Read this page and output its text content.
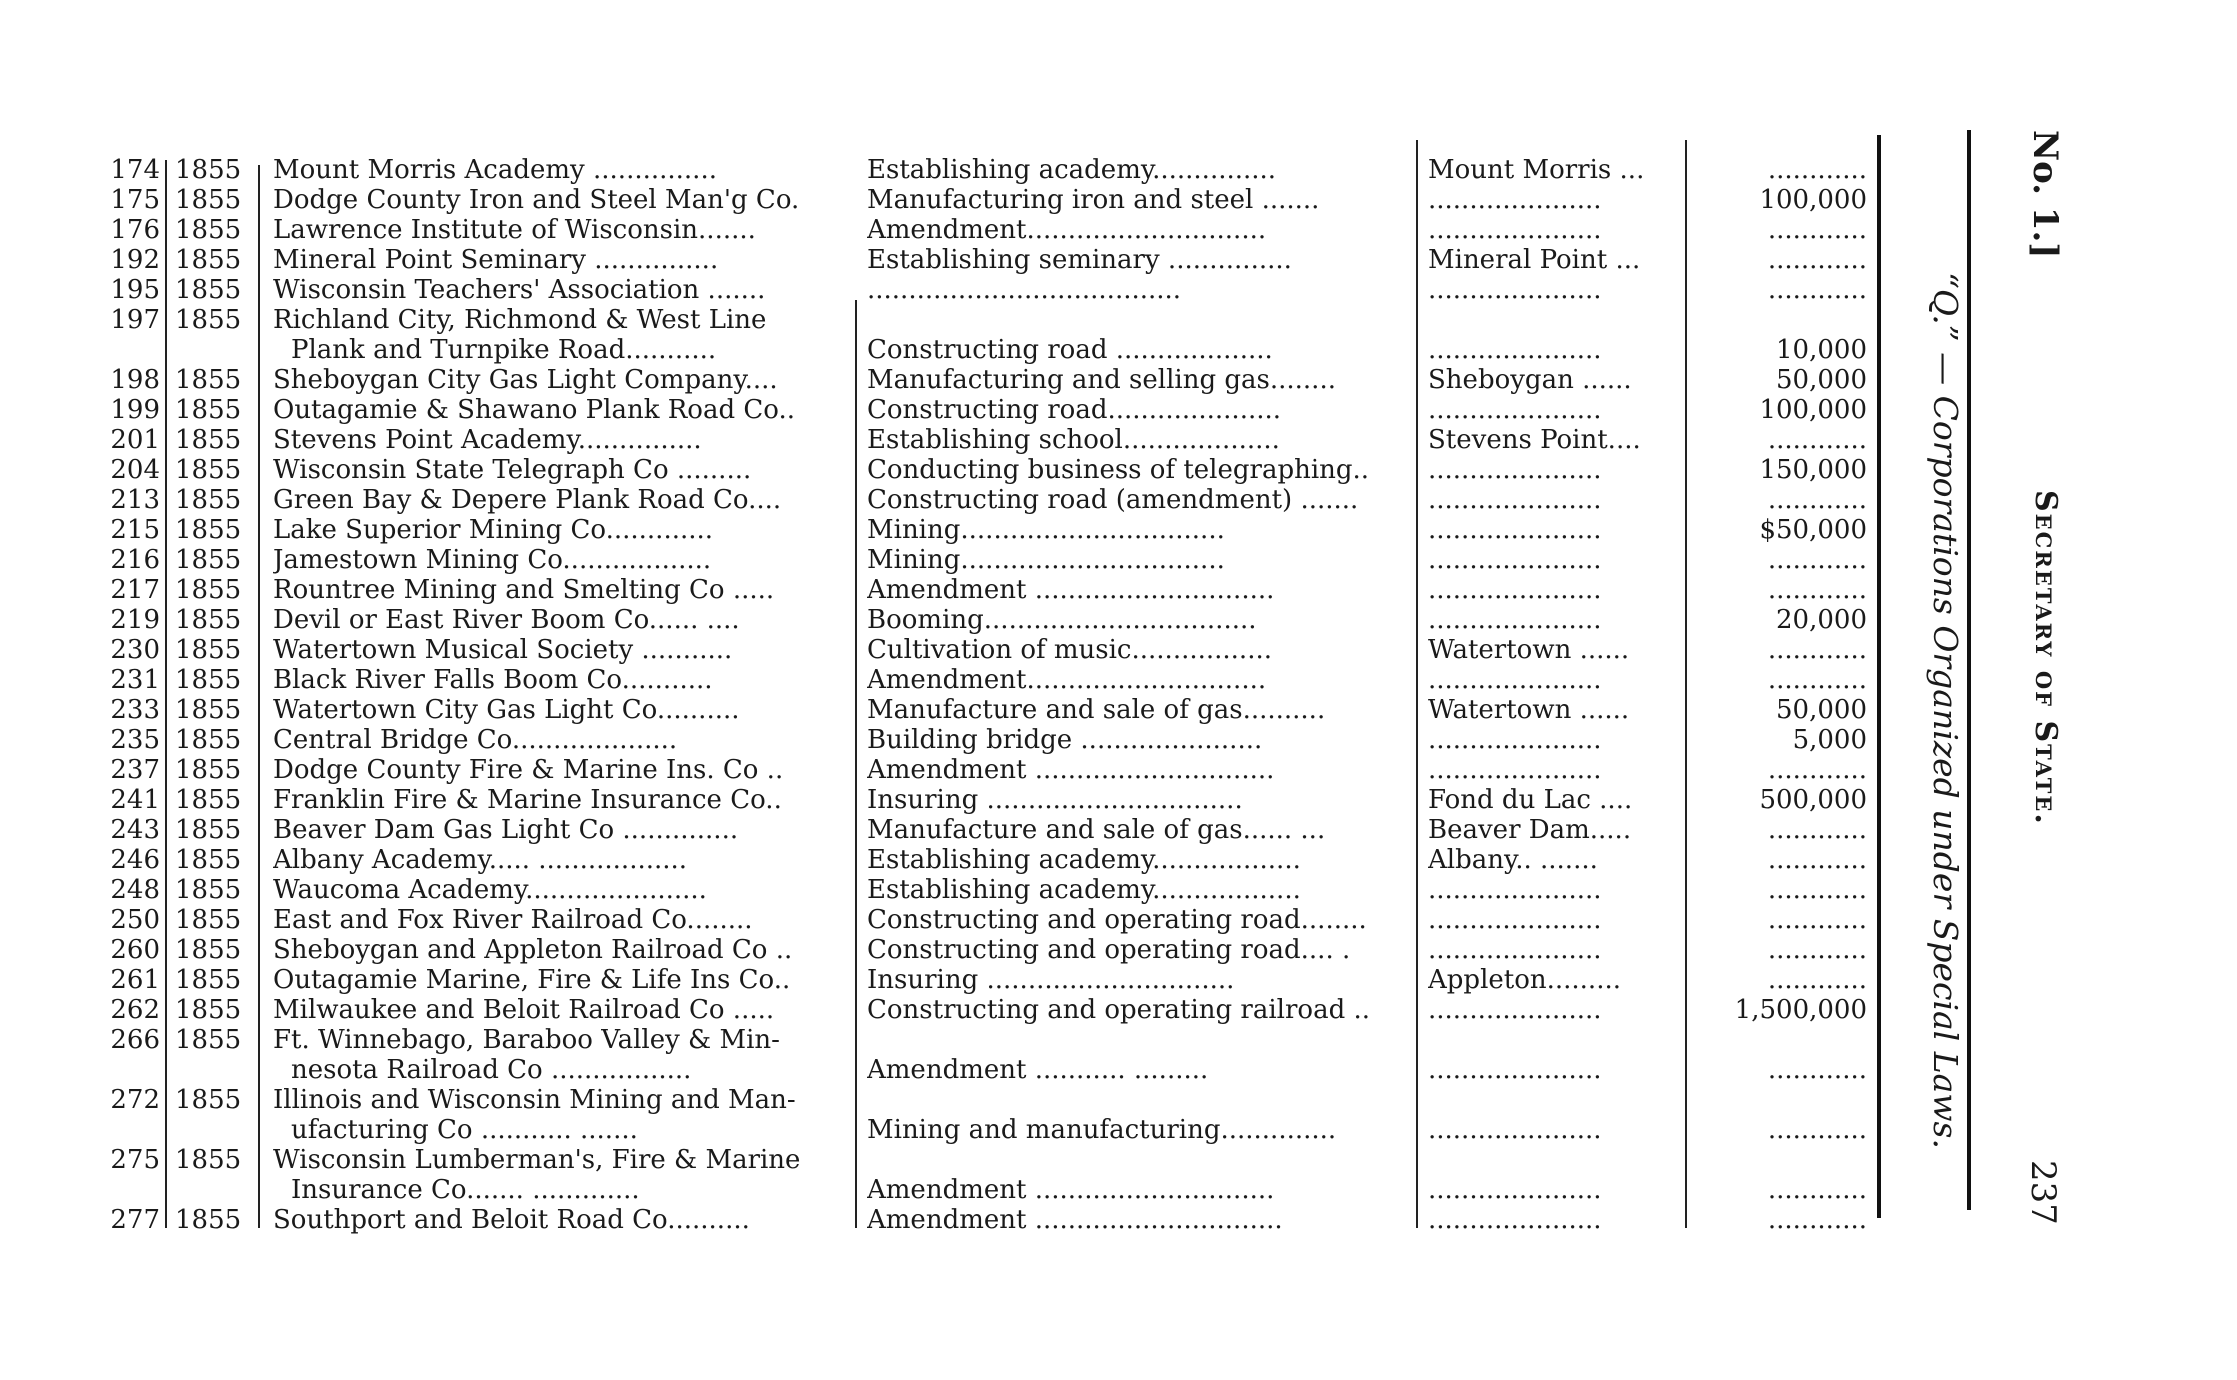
174 1855	Mount Morris Academy ...............	Establishing academy...............	Mount Morris ...	............
175 1855	Dodge County Iron and Steel Man'g Co.	Manufacturing iron and steel .......	.....................	100,000
176 1855	Lawrence Institute of Wisconsin.......	Amendment.............................	.....................	............
192 1855	Mineral Point Seminary ...............	Establishing seminary ...............	Mineral Point ...	............
195 1855	Wisconsin Teachers' Association .......	......................................	.....................	............
197 1855	Richland City, Richmond & West Line
Plank and Turnpike Road...........	Constructing road ...................	.....................	10,000
198 1855	Sheboygan City Gas Light Company....	Manufacturing and selling gas........	Sheboygan ......	50,000
199 1855	Outagamie & Shawano Plank Road Co..	Constructing road.....................	.....................	100,000
201 1855	Stevens Point Academy...............	Establishing school...................	Stevens Point....	............
204 1855	Wisconsin State Telegraph Co .........	Conducting business of telegraphing..	.....................	150,000
213 1855	Green Bay & Depere Plank Road Co....	Constructing road (amendment) .......	.....................	............
215 1855	Lake Superior Mining Co.............	Mining................................	.....................	$50,000
216 1855	Jamestown Mining Co..................	Mining................................	.....................	............
217 1855	Rountree Mining and Smelting Co .....	Amendment .............................	.....................	............
219 1855	Devil or East River Boom Co...... ....	Booming.................................	.....................	20,000
230 1855	Watertown Musical Society ...........	Cultivation of music.................	Watertown ......	............
231 1855	Black River Falls Boom Co...........	Amendment.............................	.....................	............
233 1855	Watertown City Gas Light Co..........	Manufacture and sale of gas..........	Watertown ......	50,000
235 1855	Central Bridge Co....................	Building bridge ......................	.....................	5,000
237 1855	Dodge County Fire & Marine Ins. Co ..	Amendment .............................	.....................	............
241 1855	Franklin Fire & Marine Insurance Co..	Insuring ...............................	Fond du Lac ....	500,000
243 1855	Beaver Dam Gas Light Co ..............	Manufacture and sale of gas...... ...	Beaver Dam.....	............
246 1855	Albany Academy..... ..................	Establishing academy..................	Albany.. .......	............
248 1855	Waucoma Academy......................	Establishing academy..................	.....................	............
250 1855	East and Fox River Railroad Co........	Constructing and operating road........	.....................	............
260 1855	Sheboygan and Appleton Railroad Co ..	Constructing and operating road.... .	.....................	............
261 1855	Outagamie Marine, Fire & Life Ins Co..	Insuring ..............................	Appleton.........	............
262 1855	Milwaukee and Beloit Railroad Co .....	Constructing and operating railroad ..	.....................	1,500,000
266 1855	Ft. Winnebago, Baraboo Valley & Min-
nesota Railroad Co .................	Amendment ........... .........	.....................	............
272 1855	Illinois and Wisconsin Mining and Man-
ufacturing Co ........... .......	Mining and manufacturing..............	.....................	............
275 1855	Wisconsin Lumberman's, Fire & Marine
Insurance Co....... .............	Amendment .............................	.....................	............
277 1855	Southport and Beloit Road Co..........	Amendment ..............................	.....................	............
No. 1.]
“Q.” — Corporations Organized under Special Laws. Secretary of State.
237
